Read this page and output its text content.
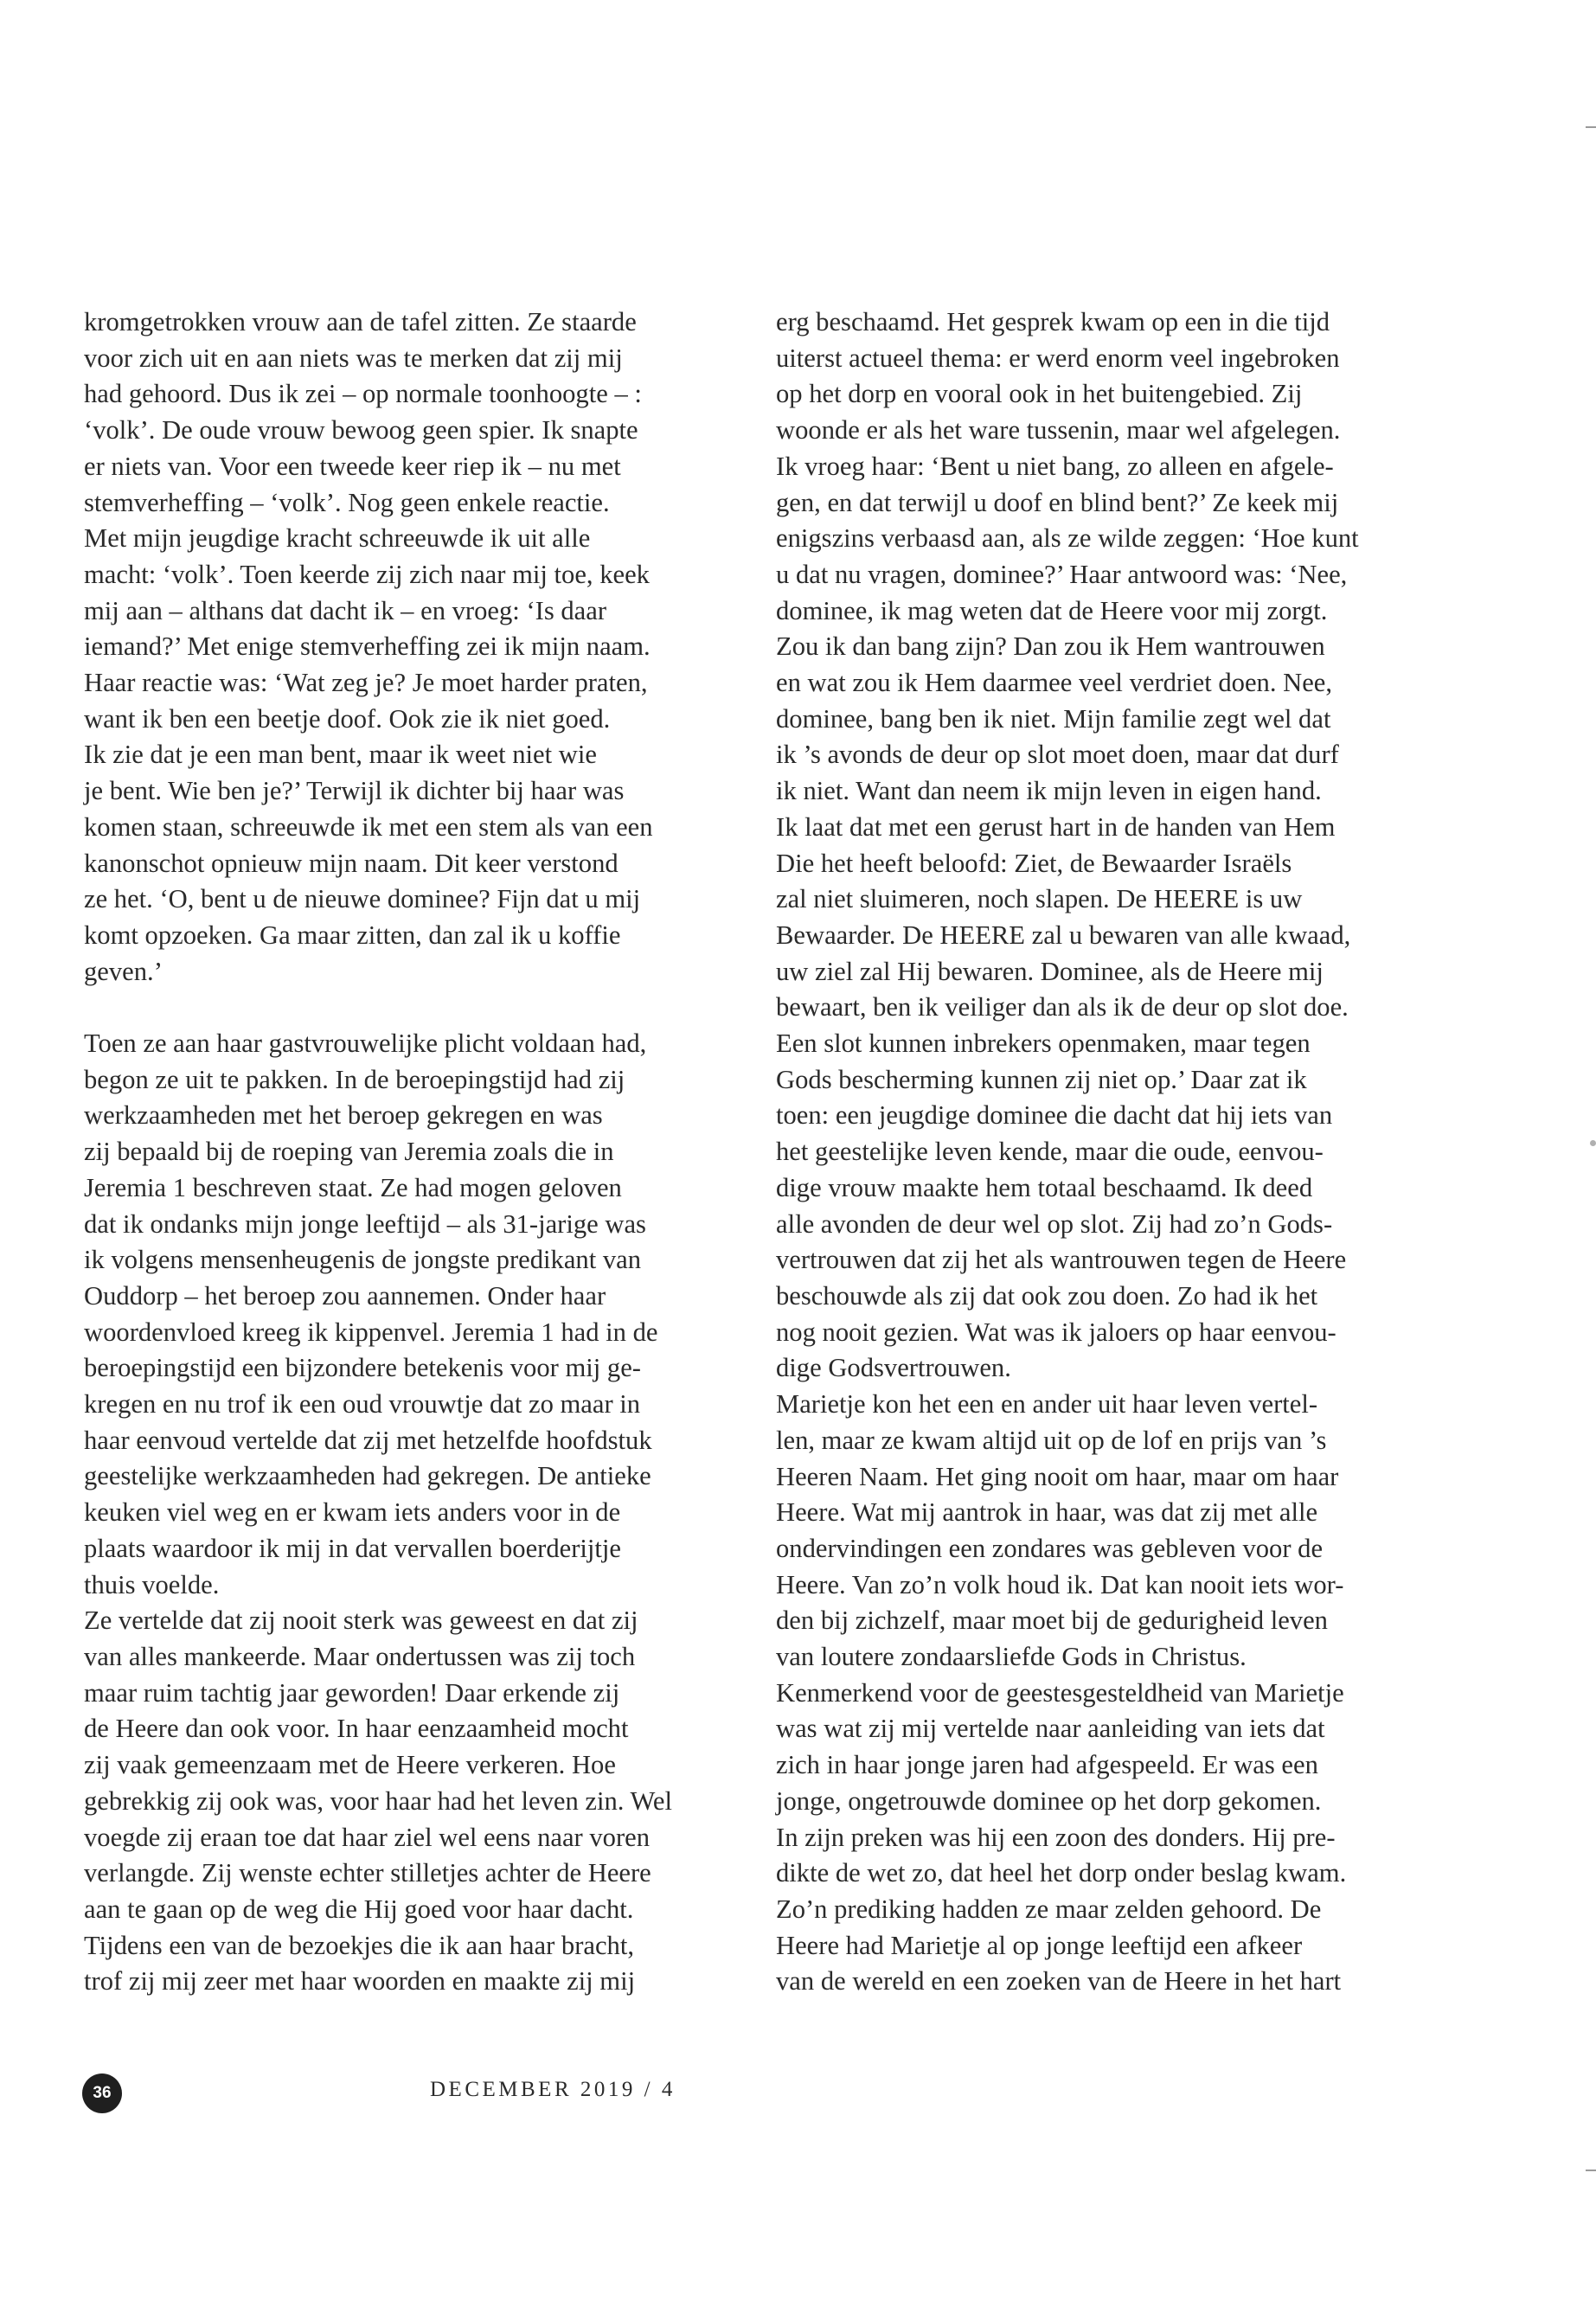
kromgetrokken vrouw aan de tafel zitten. Ze staarde
voor zich uit en aan niets was te merken dat zij mij
had gehoord. Dus ik zei – op normale toonhoogte – :
‘volk’. De oude vrouw bewoog geen spier. Ik snapte
er niets van. Voor een tweede keer riep ik – nu met
stemverheffing – ‘volk’. Nog geen enkele reactie.
Met mijn jeugdige kracht schreeuwde ik uit alle
macht: ‘volk’. Toen keerde zij zich naar mij toe, keek
mij aan – althans dat dacht ik – en vroeg: ‘Is daar
iemand?’ Met enige stemverheffing zei ik mijn naam.
Haar reactie was: ‘Wat zeg je? Je moet harder praten,
want ik ben een beetje doof. Ook zie ik niet goed.
Ik zie dat je een man bent, maar ik weet niet wie
je bent. Wie ben je?’ Terwijl ik dichter bij haar was
komen staan, schreeuwde ik met een stem als van een
kanonschot opnieuw mijn naam. Dit keer verstond
ze het. ‘O, bent u de nieuwe dominee? Fijn dat u mij
komt opzoeken. Ga maar zitten, dan zal ik u koffie
geven.’

Toen ze aan haar gastvrouwelijke plicht voldaan had,
begon ze uit te pakken. In de beroepingstijd had zij
werkzaamheden met het beroep gekregen en was
zij bepaald bij de roeping van Jeremia zoals die in
Jeremia 1 beschreven staat. Ze had mogen geloven
dat ik ondanks mijn jonge leeftijd – als 31-jarige was
ik volgens mensenheugenis de jongste predikant van
Ouddorp – het beroep zou aannemen. Onder haar
woordenvloed kreeg ik kippenvel. Jeremia 1 had in de
beroepingstijd een bijzondere betekenis voor mij ge-
kregen en nu trof ik een oud vrouwtje dat zo maar in
haar eenvoud vertelde dat zij met hetzelfde hoofdstuk
geestelijke werkzaamheden had gekregen. De antieke
keuken viel weg en er kwam iets anders voor in de
plaats waardoor ik mij in dat vervallen boerderijtje
thuis voelde.

Ze vertelde dat zij nooit sterk was geweest en dat zij
van alles mankeerde. Maar ondertussen was zij toch
maar ruim tachtig jaar geworden! Daar erkende zij
de Heere dan ook voor. In haar eenzaamheid mocht
zij vaak gemeenzaam met de Heere verkeren. Hoe
gebrekkig zij ook was, voor haar had het leven zin. Wel
voegde zij eraan toe dat haar ziel wel eens naar voren
verlangde. Zij wenste echter stilletjes achter de Heere
aan te gaan op de weg die Hij goed voor haar dacht.
Tijdens een van de bezoekjes die ik aan haar bracht,
trof zij mij zeer met haar woorden en maakte zij mij

erg beschaamd. Het gesprek kwam op een in die tijd
uiterst actueel thema: er werd enorm veel ingebroken
op het dorp en vooral ook in het buitengebied. Zij
woonde er als het ware tussenin, maar wel afgelegen.
Ik vroeg haar: ‘Bent u niet bang, zo alleen en afgele-
gen, en dat terwijl u doof en blind bent?’ Ze keek mij
enigszins verbaasd aan, als ze wilde zeggen: ‘Hoe kunt
u dat nu vragen, dominee?’ Haar antwoord was: ‘Nee,
dominee, ik mag weten dat de Heere voor mij zorgt.
Zou ik dan bang zijn? Dan zou ik Hem wantrouwen
en wat zou ik Hem daarmee veel verdriet doen. Nee,
dominee, bang ben ik niet. Mijn familie zegt wel dat
ik ’s avonds de deur op slot moet doen, maar dat durf
ik niet. Want dan neem ik mijn leven in eigen hand.
Ik laat dat met een gerust hart in de handen van Hem
Die het heeft beloofd: Ziet, de Bewaarder Israëls
zal niet sluimeren, noch slapen. De HEERE is uw
Bewaarder. De HEERE zal u bewaren van alle kwaad,
uw ziel zal Hij bewaren. Dominee, als de Heere mij
bewaart, ben ik veiliger dan als ik de deur op slot doe.
Een slot kunnen inbrekers openmaken, maar tegen
Gods bescherming kunnen zij niet op.’ Daar zat ik
toen: een jeugdige dominee die dacht dat hij iets van
het geestelijke leven kende, maar die oude, eenvou-
dige vrouw maakte hem totaal beschaamd. Ik deed
alle avonden de deur wel op slot. Zij had zo’n Gods-
vertrouwen dat zij het als wantrouwen tegen de Heere
beschouwde als zij dat ook zou doen. Zo had ik het
nog nooit gezien. Wat was ik jaloers op haar eenvou-
dige Godsvertrouwen.

Marietje kon het een en ander uit haar leven vertel-
len, maar ze kwam altijd uit op de lof en prijs van ’s
Heeren Naam. Het ging nooit om haar, maar om haar
Heere. Wat mij aantrok in haar, was dat zij met alle
ondervindingen een zondares was gebleven voor de
Heere. Van zo’n volk houd ik. Dat kan nooit iets wor-
den bij zichzelf, maar moet bij de gedurigheid leven
van loutere zondaarsliefde Gods in Christus.

Kenmerkend voor de geestesgesteldheid van Marietje
was wat zij mij vertelde naar aanleiding van iets dat
zich in haar jonge jaren had afgespeeld. Er was een
jonge, ongetrouwde dominee op het dorp gekomen.
In zijn preken was hij een zoon des donders. Hij pre-
dikte de wet zo, dat heel het dorp onder beslag kwam.
Zo’n prediking hadden ze maar zelden gehoord. De
Heere had Marietje al op jonge leeftijd een afkeer
van de wereld en een zoeken van de Heere in het hart

36	DECEMBER 2019 / 4
